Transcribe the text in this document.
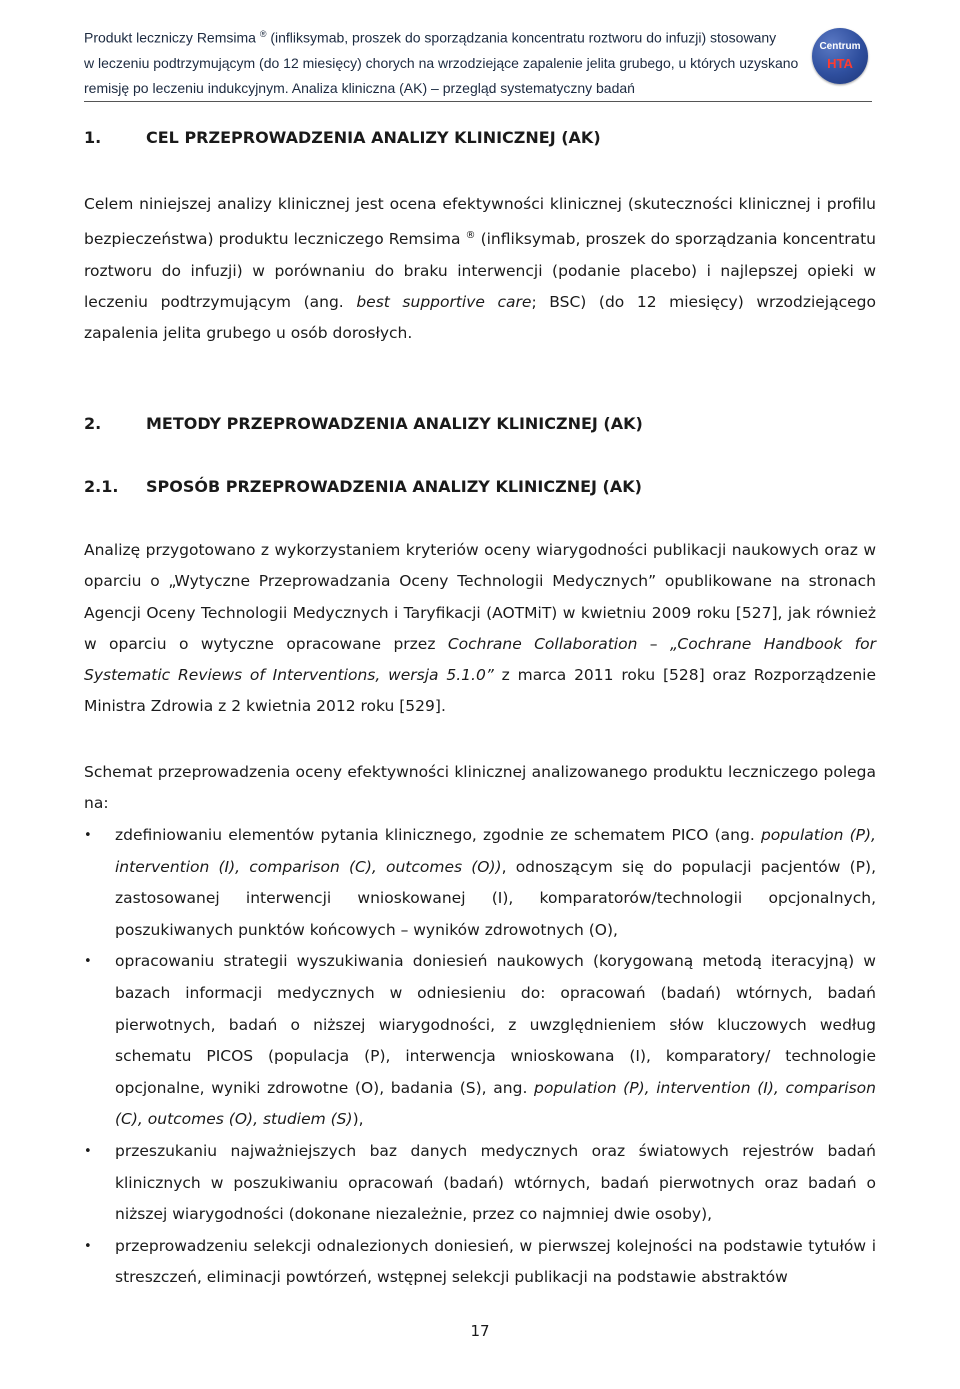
Produkt leczniczy Remsima ® (infliksymab, proszek do sporządzania koncentratu roztworu do infuzji) stosowany
w leczeniu podtrzymującym (do 12 miesięcy) chorych na wrzodziejące zapalenie jelita grubego, u których uzyskano
remisję po leczeniu indukcyjnym. Analiza kliniczna (AK) – przegląd systematyczny badań
Centrum
HTA
1.	CEL PRZEPROWADZENIA ANALIZY KLINICZNEJ (AK)
Celem niniejszej analizy klinicznej jest ocena efektywności klinicznej (skuteczności klinicznej i profilu bezpieczeństwa) produktu leczniczego Remsima ® (infliksymab, proszek do sporządzania koncentratu roztworu do infuzji) w porównaniu do braku interwencji (podanie placebo) i najlepszej opieki w leczeniu podtrzymującym (ang. best supportive care; BSC) (do 12 miesięcy) wrzodziejącego zapalenia jelita grubego u osób dorosłych.
2.	METODY PRZEPROWADZENIA ANALIZY KLINICZNEJ (AK)
2.1. SPOSÓB PRZEPROWADZENIA ANALIZY KLINICZNEJ (AK)
Analizę przygotowano z wykorzystaniem kryteriów oceny wiarygodności publikacji naukowych oraz w oparciu o „Wytyczne Przeprowadzania Oceny Technologii Medycznych” opublikowane na stronach Agencji Oceny Technologii Medycznych i Taryfikacji (AOTMiT) w kwietniu 2009 roku [527], jak również w oparciu o wytyczne opracowane przez Cochrane Collaboration – „Cochrane Handbook for Systematic Reviews of Interventions, wersja 5.1.0” z marca 2011 roku [528] oraz Rozporządzenie Ministra Zdrowia z 2 kwietnia 2012 roku [529].
Schemat przeprowadzenia oceny efektywności klinicznej analizowanego produktu leczniczego polega na:
•	zdefiniowaniu elementów pytania klinicznego, zgodnie ze schematem PICO (ang. population (P), intervention (I), comparison (C), outcomes (O)), odnoszącym się do populacji pacjentów (P), zastosowanej interwencji wnioskowanej (I), komparatorów/technologii opcjonalnych, poszukiwanych punktów końcowych – wyników zdrowotnych (O),
•	opracowaniu strategii wyszukiwania doniesień naukowych (korygowaną metodą iteracyjną) w bazach informacji medycznych w odniesieniu do: opracowań (badań) wtórnych, badań pierwotnych, badań o niższej wiarygodności, z uwzględnieniem słów kluczowych według schematu PICOS (populacja (P), interwencja wnioskowana (I), komparatory/ technologie opcjonalne, wyniki zdrowotne (O), badania (S), ang. population (P), intervention (I), comparison (C), outcomes (O), studiem (S)),
•	przeszukaniu najważniejszych baz danych medycznych oraz światowych rejestrów badań klinicznych w poszukiwaniu opracowań (badań) wtórnych, badań pierwotnych oraz badań o niższej wiarygodności (dokonane niezależnie, przez co najmniej dwie osoby),
•	przeprowadzeniu selekcji odnalezionych doniesień, w pierwszej kolejności na podstawie tytułów i streszczeń, eliminacji powtórzeń, wstępnej selekcji publikacji na podstawie abstraktów
17
